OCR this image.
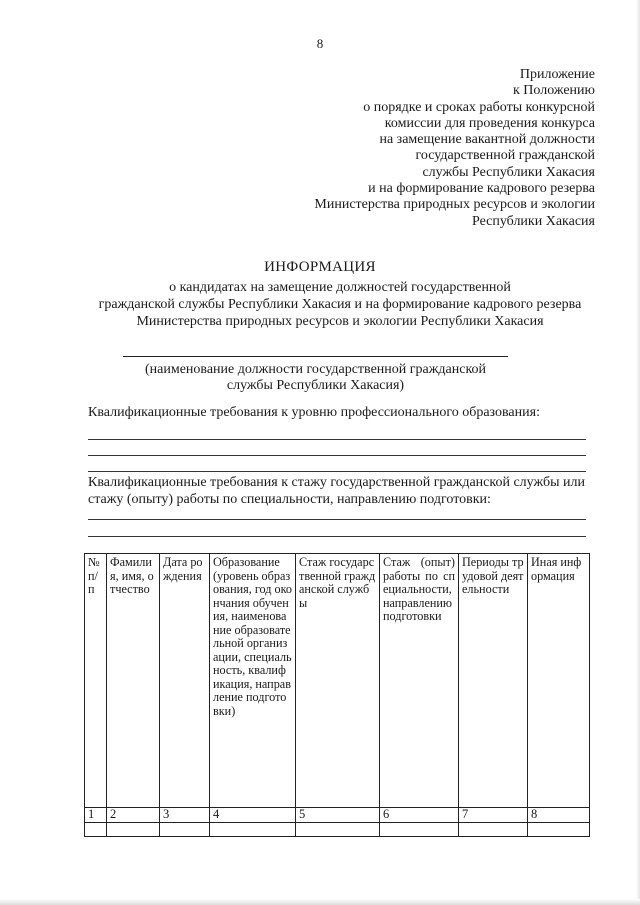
8
Приложение
к Положению
о порядке и сроках работы конкурсной
комиссии для проведения конкурса
на замещение вакантной должности
государственной гражданской
службы Республики Хакасия
и на формирование кадрового резерва
Министерства природных ресурсов и экологии
Республики Хакасия
ИНФОРМАЦИЯ
о кандидатах на замещение должностей государственной
гражданской службы Республики Хакасия и на формирование кадрового резерва
Министерства природных ресурсов и экологии Республики Хакасия
(наименование должности государственной гражданской
службы Республики Хакасия)
Квалификационные требования к уровню профессионального образования:
Квалификационные требования к стажу государственной гражданской службы или стажу (опыту) работы по специальности, направлению подготовки:
№ п/п	Фамилия, имя, отчество	Дата рождения	Образование (уровень образования, год окончания обучения, наименование образовательной организации, специальность, квалификация, направление подготовки)	Стаж государственной гражданской службы	Стаж (опыт) работы по специальности, направлению подготовки	Периоды трудовой деятельности	Иная информация
1	2	3	4	5	6	7	8
